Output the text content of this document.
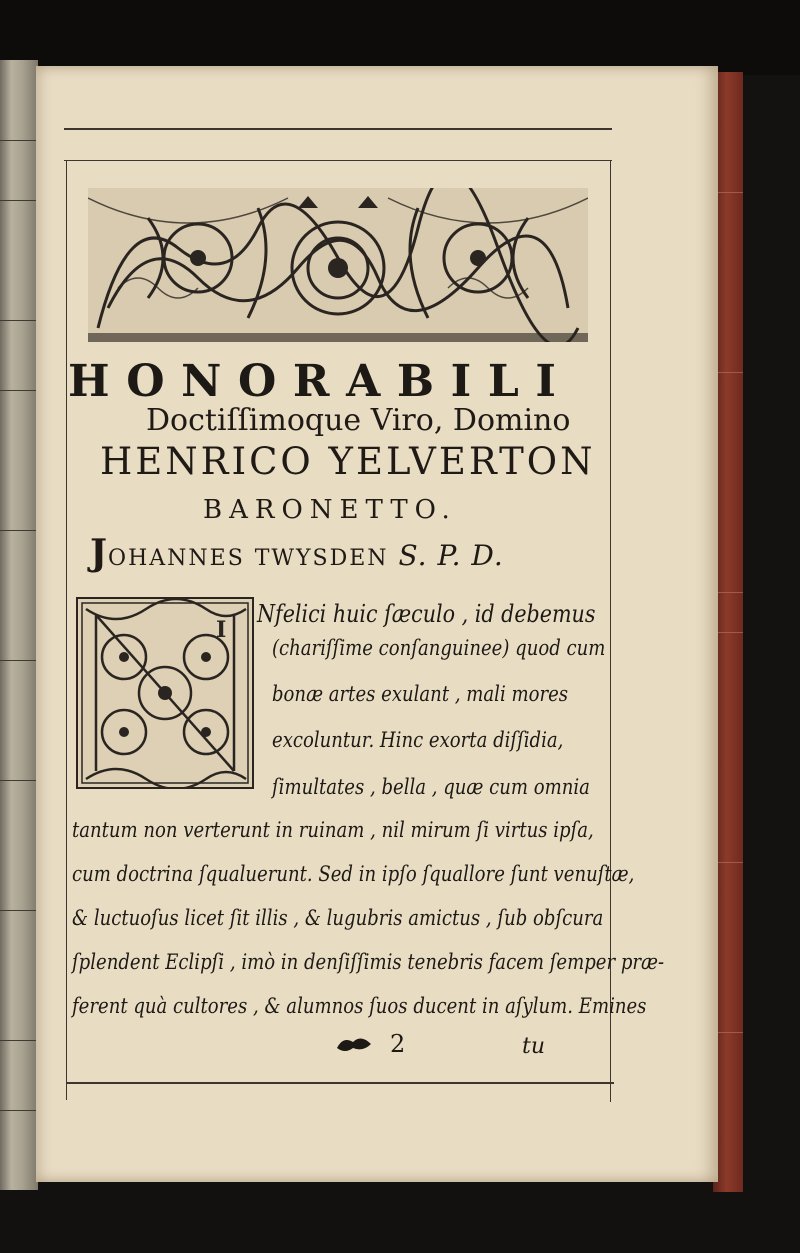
H O N O R A B I L I
Doctiſſimoque Viro, Domino
HENRICO YELVERTON
BARONETTO.
JOHANNES TWYSDEN S. P. D.
I
Nfelici huic ſæculo , id debemus
(chariſſime conſanguinee) quod cum
bonæ artes exulant , mali mores
excoluntur. Hinc exorta diſſidia,
ſimultates , bella , quæ cum omnia
tantum non verterunt in ruinam , nil mirum ſi virtus ipſa,
cum doctrina ſqualuerunt. Sed in ipſo ſquallore ſunt venuſtæ,
& luctuoſus licet ſit illis , & lugubris amictus , ſub obſcura
ſplendent Eclipſi , imò in denſiſſimis tenebris facem ſemper præ-
ferent quà cultores , & alumnos ſuos ducent in aſylum. Emines
2	tu
